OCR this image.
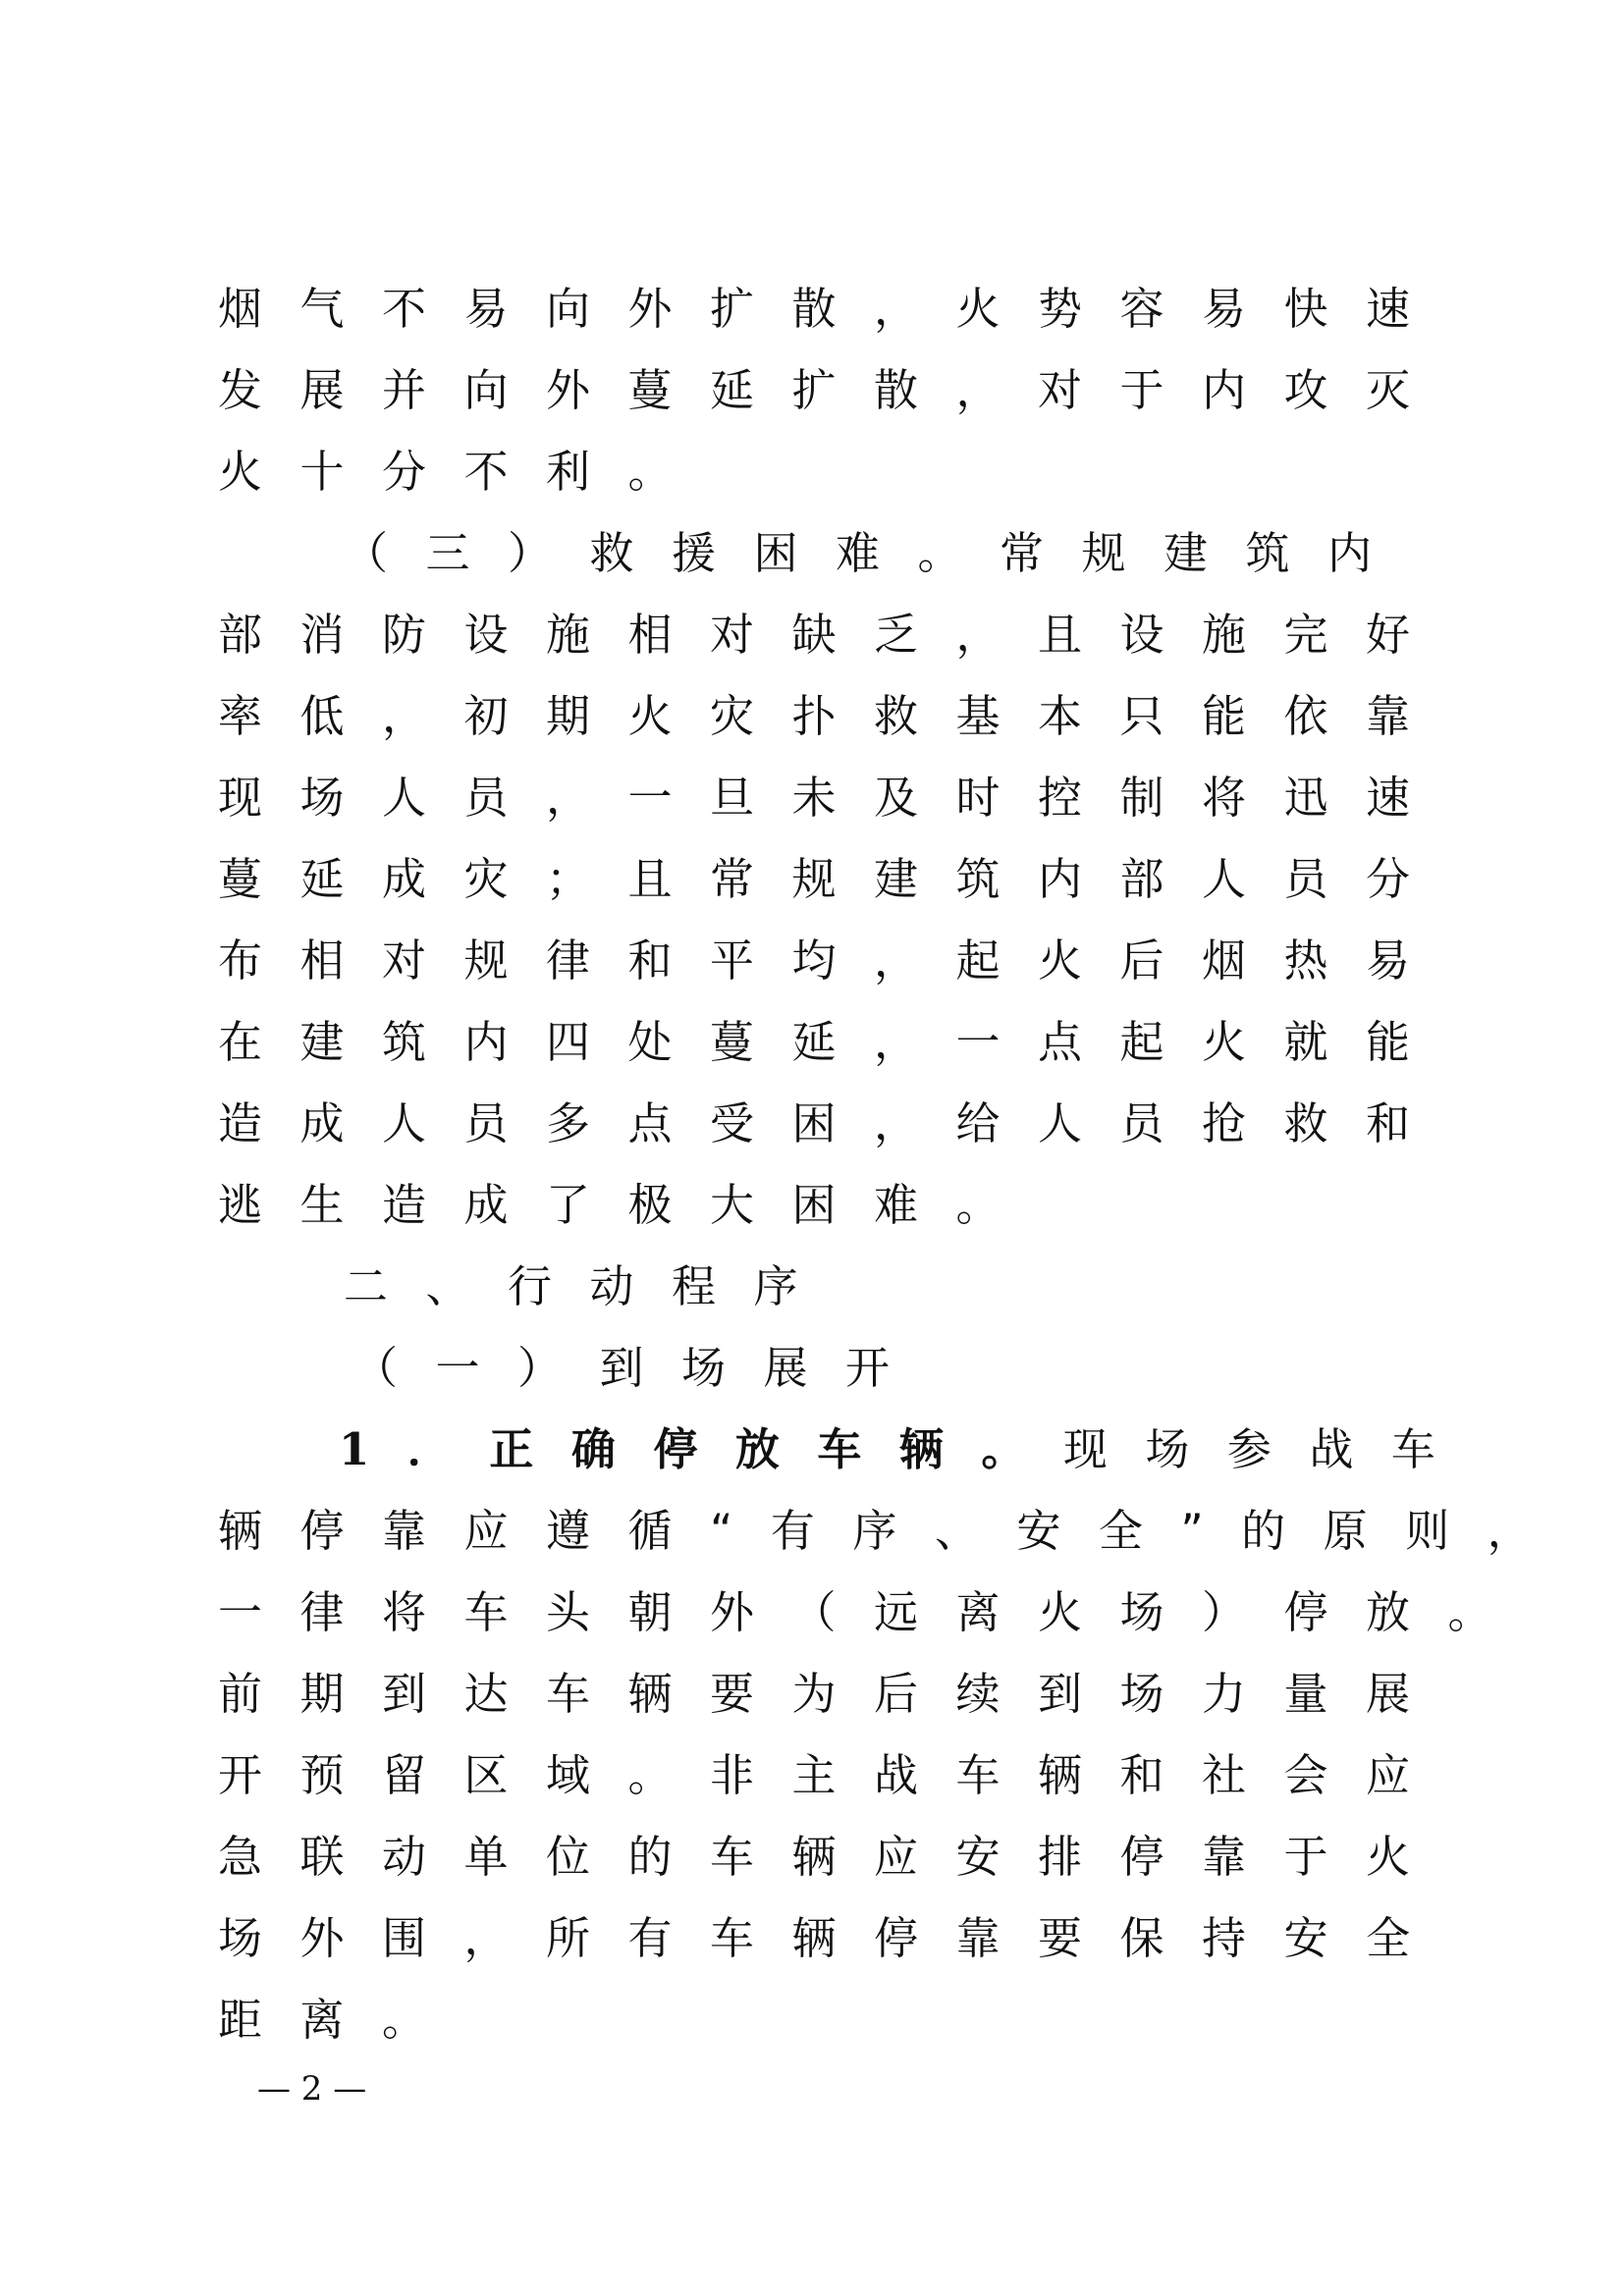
烟气不易向外扩散，火势容易快速
发展并向外蔓延扩散，对于内攻灭
火十分不利。
（三）救援困难。常规建筑内
部消防设施相对缺乏，且设施完好
率低，初期火灾扑救基本只能依靠
现场人员，一旦未及时控制将迅速
蔓延成灾；且常规建筑内部人员分
布相对规律和平均，起火后烟热易
在建筑内四处蔓延，一点起火就能
造成人员多点受困，给人员抢救和
逃生造成了极大困难。
二、行动程序
（一）到场展开
1．正确停放车辆。现场参战车
辆停靠应遵循“有序、安全”的原则，
一律将车头朝外（远离火场）停放。
前期到达车辆要为后续到场力量展
开预留区域。非主战车辆和社会应
急联动单位的车辆应安排停靠于火
场外围，所有车辆停靠要保持安全
距离。
— 2 —
